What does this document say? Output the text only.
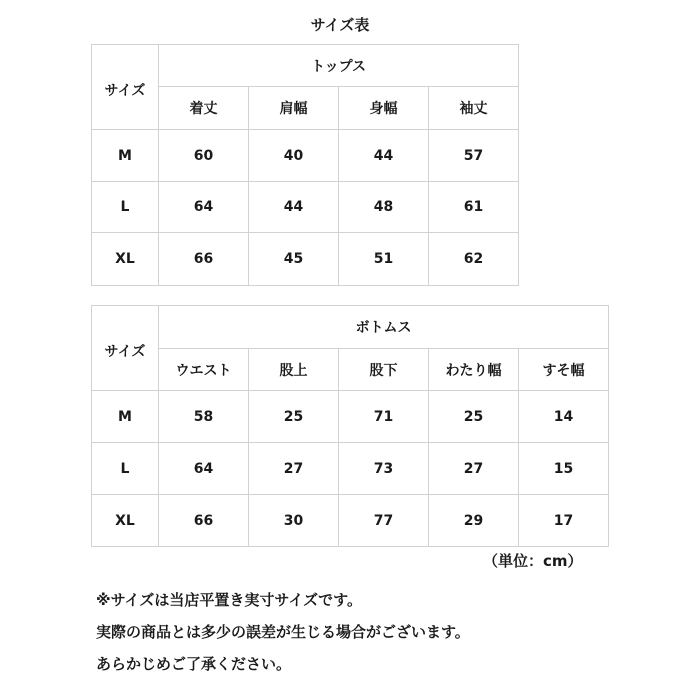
サイズ表
サイズ	トップス			
	着丈	肩幅	身幅	袖丈
M	60	40	44	57
L	64	44	48	61
XL	66	45	51	62
サイズ	ボトムス				
	ウエスト	股上	股下	わたり幅	すそ幅
M	58	25	71	25	14
L	64	27	73	27	15
XL	66	30	77	29	17
（単位：cm）
※サイズは当店平置き実寸サイズです。
実際の商品とは多少の誤差が生じる場合がございます。
あらかじめご了承ください。
